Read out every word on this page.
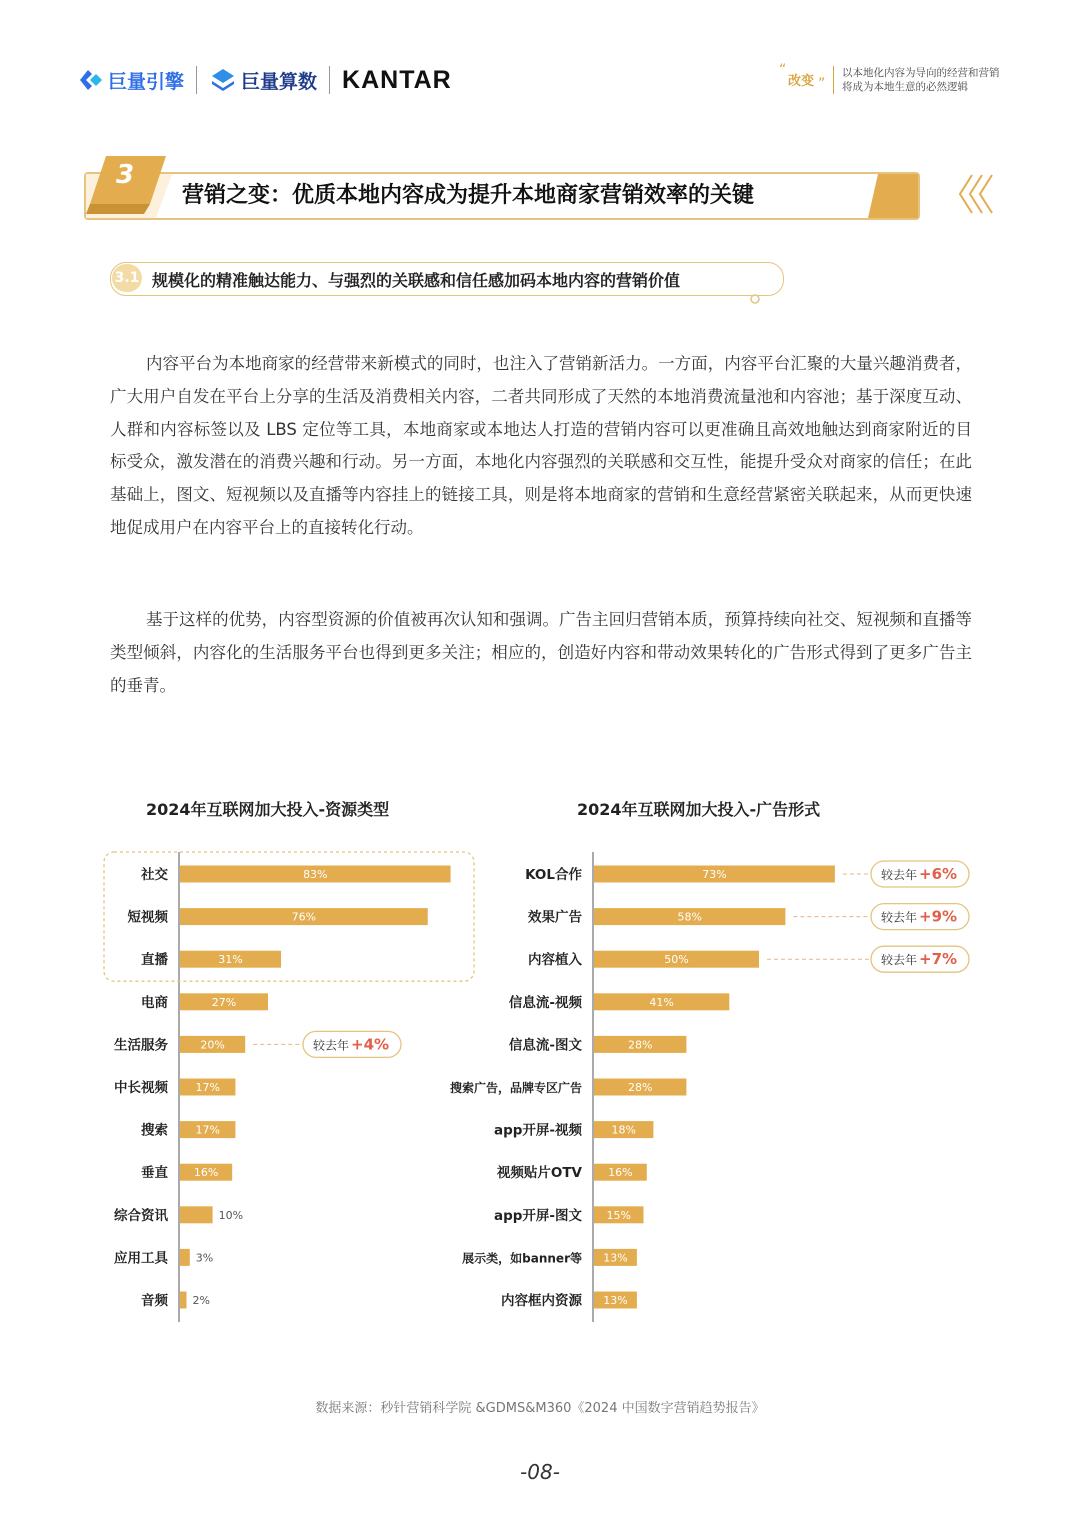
巨量引擎	巨量算数 KANTAR	“
改变 ”
以本地化内容为导向的经营和营销
将成为本地生意的必然逻辑
3
营销之变：优质本地内容成为提升本地商家营销效率的关键
3.1 规模化的精准触达能力、与强烈的关联感和信任感加码本地内容的营销价值
内容平台为本地商家的经营带来新模式的同时，也注入了营销新活力。一方面，内容平台汇聚的大量兴趣消费者，广大用户自发在平台上分享的生活及消费相关内容，二者共同形成了天然的本地消费流量池和内容池；基于深度互动、人群和内容标签以及 LBS 定位等工具，本地商家或本地达人打造的营销内容可以更准确且高效地触达到商家附近的目标受众，激发潜在的消费兴趣和行动。另一方面，本地化内容强烈的关联感和交互性，能提升受众对商家的信任；在此基础上，图文、短视频以及直播等内容挂上的链接工具，则是将本地商家的营销和生意经营紧密关联起来，从而更快速地促成用户在内容平台上的直接转化行动。
基于这样的优势，内容型资源的价值被再次认知和强调。广告主回归营销本质，预算持续向社交、短视频和直播等类型倾斜，内容化的生活服务平台也得到更多关注；相应的，创造好内容和带动效果转化的广告形式得到了更多广告主的垂青。
2024年互联网加大投入-资源类型	2024年互联网加大投入-广告形式
社交	83%
短视频	76%
直播	31%
电商	27%
生活服务	20%
中长视频 17%
搜索 17%
垂直 16%
综合资讯	10%
应用工具	3%
音频 2%
较去年 +4%
KOL合作	73%
效果广告	58%
内容植入	50%
信息流-视频	41%
信息流-图文	28%
搜索广告，品牌专区广告	28%
app开屏-视频	18%
视频贴片OTV 16%
app开屏-图文 15%
展示类，如banner等 13%
内容框内资源 13%
较去年 +6%
较去年 +9%
较去年 +7%
数据来源：秒针营销科学院 &GDMS&M360《2024 中国数字营销趋势报告》
-08-
